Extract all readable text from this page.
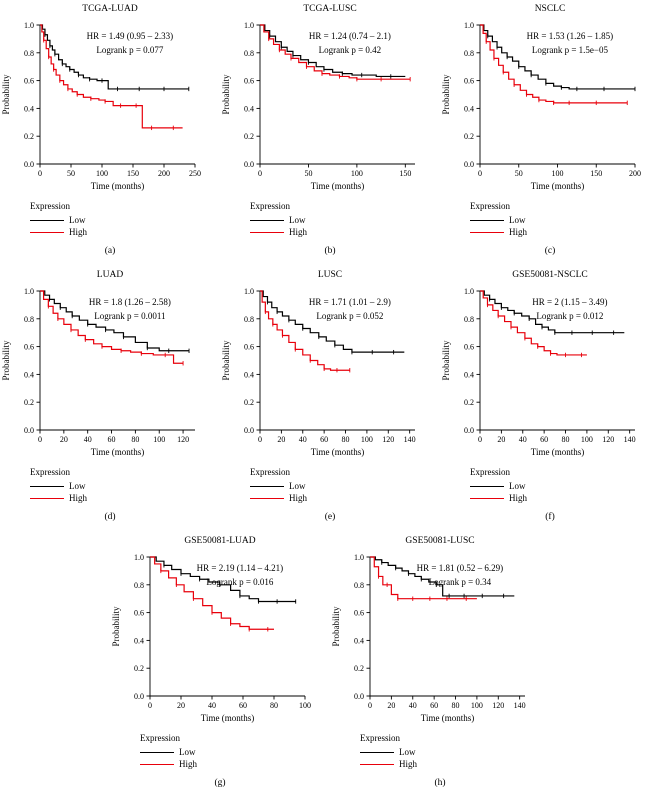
TCGA-LUAD
0	50	100 150 200 250
0.0
0.2
0.4
0.6
0.8
1.0
Time (months)
Probability
HR = 1.49 (0.95 – 2.33)
Logrank p = 0.077
Expression
Low
High
(a)
TCGA-LUSC
0	50	100	150
0.0
0.2
0.4
0.6
0.8
1.0
Time (months)
Probability
HR = 1.24 (0.74 – 2.1)
Logrank p = 0.42
Expression
Low
High
(b)
NSCLC
0	50	100	150	200
0.0
0.2
0.4
0.6
0.8
1.0
Time (months)
Probability
HR = 1.53 (1.26 – 1.85)
Logrank p = 1.5e−05
Expression
Low
High
(c)
LUAD
0 20 40 60 80 100 120
0.0
0.2
0.4
0.6
0.8
1.0
Time (months)
Probability
HR = 1.8 (1.26 – 2.58)
Logrank p = 0.0011
Expression
Low
High
(d)
LUSC
0 20 40 60 80 100 120 140
0.0
0.2
0.4
0.6
0.8
1.0
Time (months)
Probability
HR = 1.71 (1.01 – 2.9)
Logrank p = 0.052
Expression
Low
High
(e)
GSE50081-NSCLC
0 20 40 60 80 100 120 140
0.0
0.2
0.4
0.6
0.8
1.0
Time (months)
Probability
HR = 2 (1.15 – 3.49)
Logrank p = 0.012
Expression
Low
High
(f)
GSE50081-LUAD
0	20	40	60	80	100
0.0
0.2
0.4
0.6
0.8
1.0
Time (months)
Probability
HR = 2.19 (1.14 – 4.21)
Logrank p = 0.016
Expression
Low
High
(g)
GSE50081-LUSC
0 20 40 60 80 100 120 140
0.0
0.2
0.4
0.6
0.8
1.0
Time (months)
Probability
HR = 1.81 (0.52 – 6.29)
Logrank p = 0.34
Expression
Low
High
(h)
